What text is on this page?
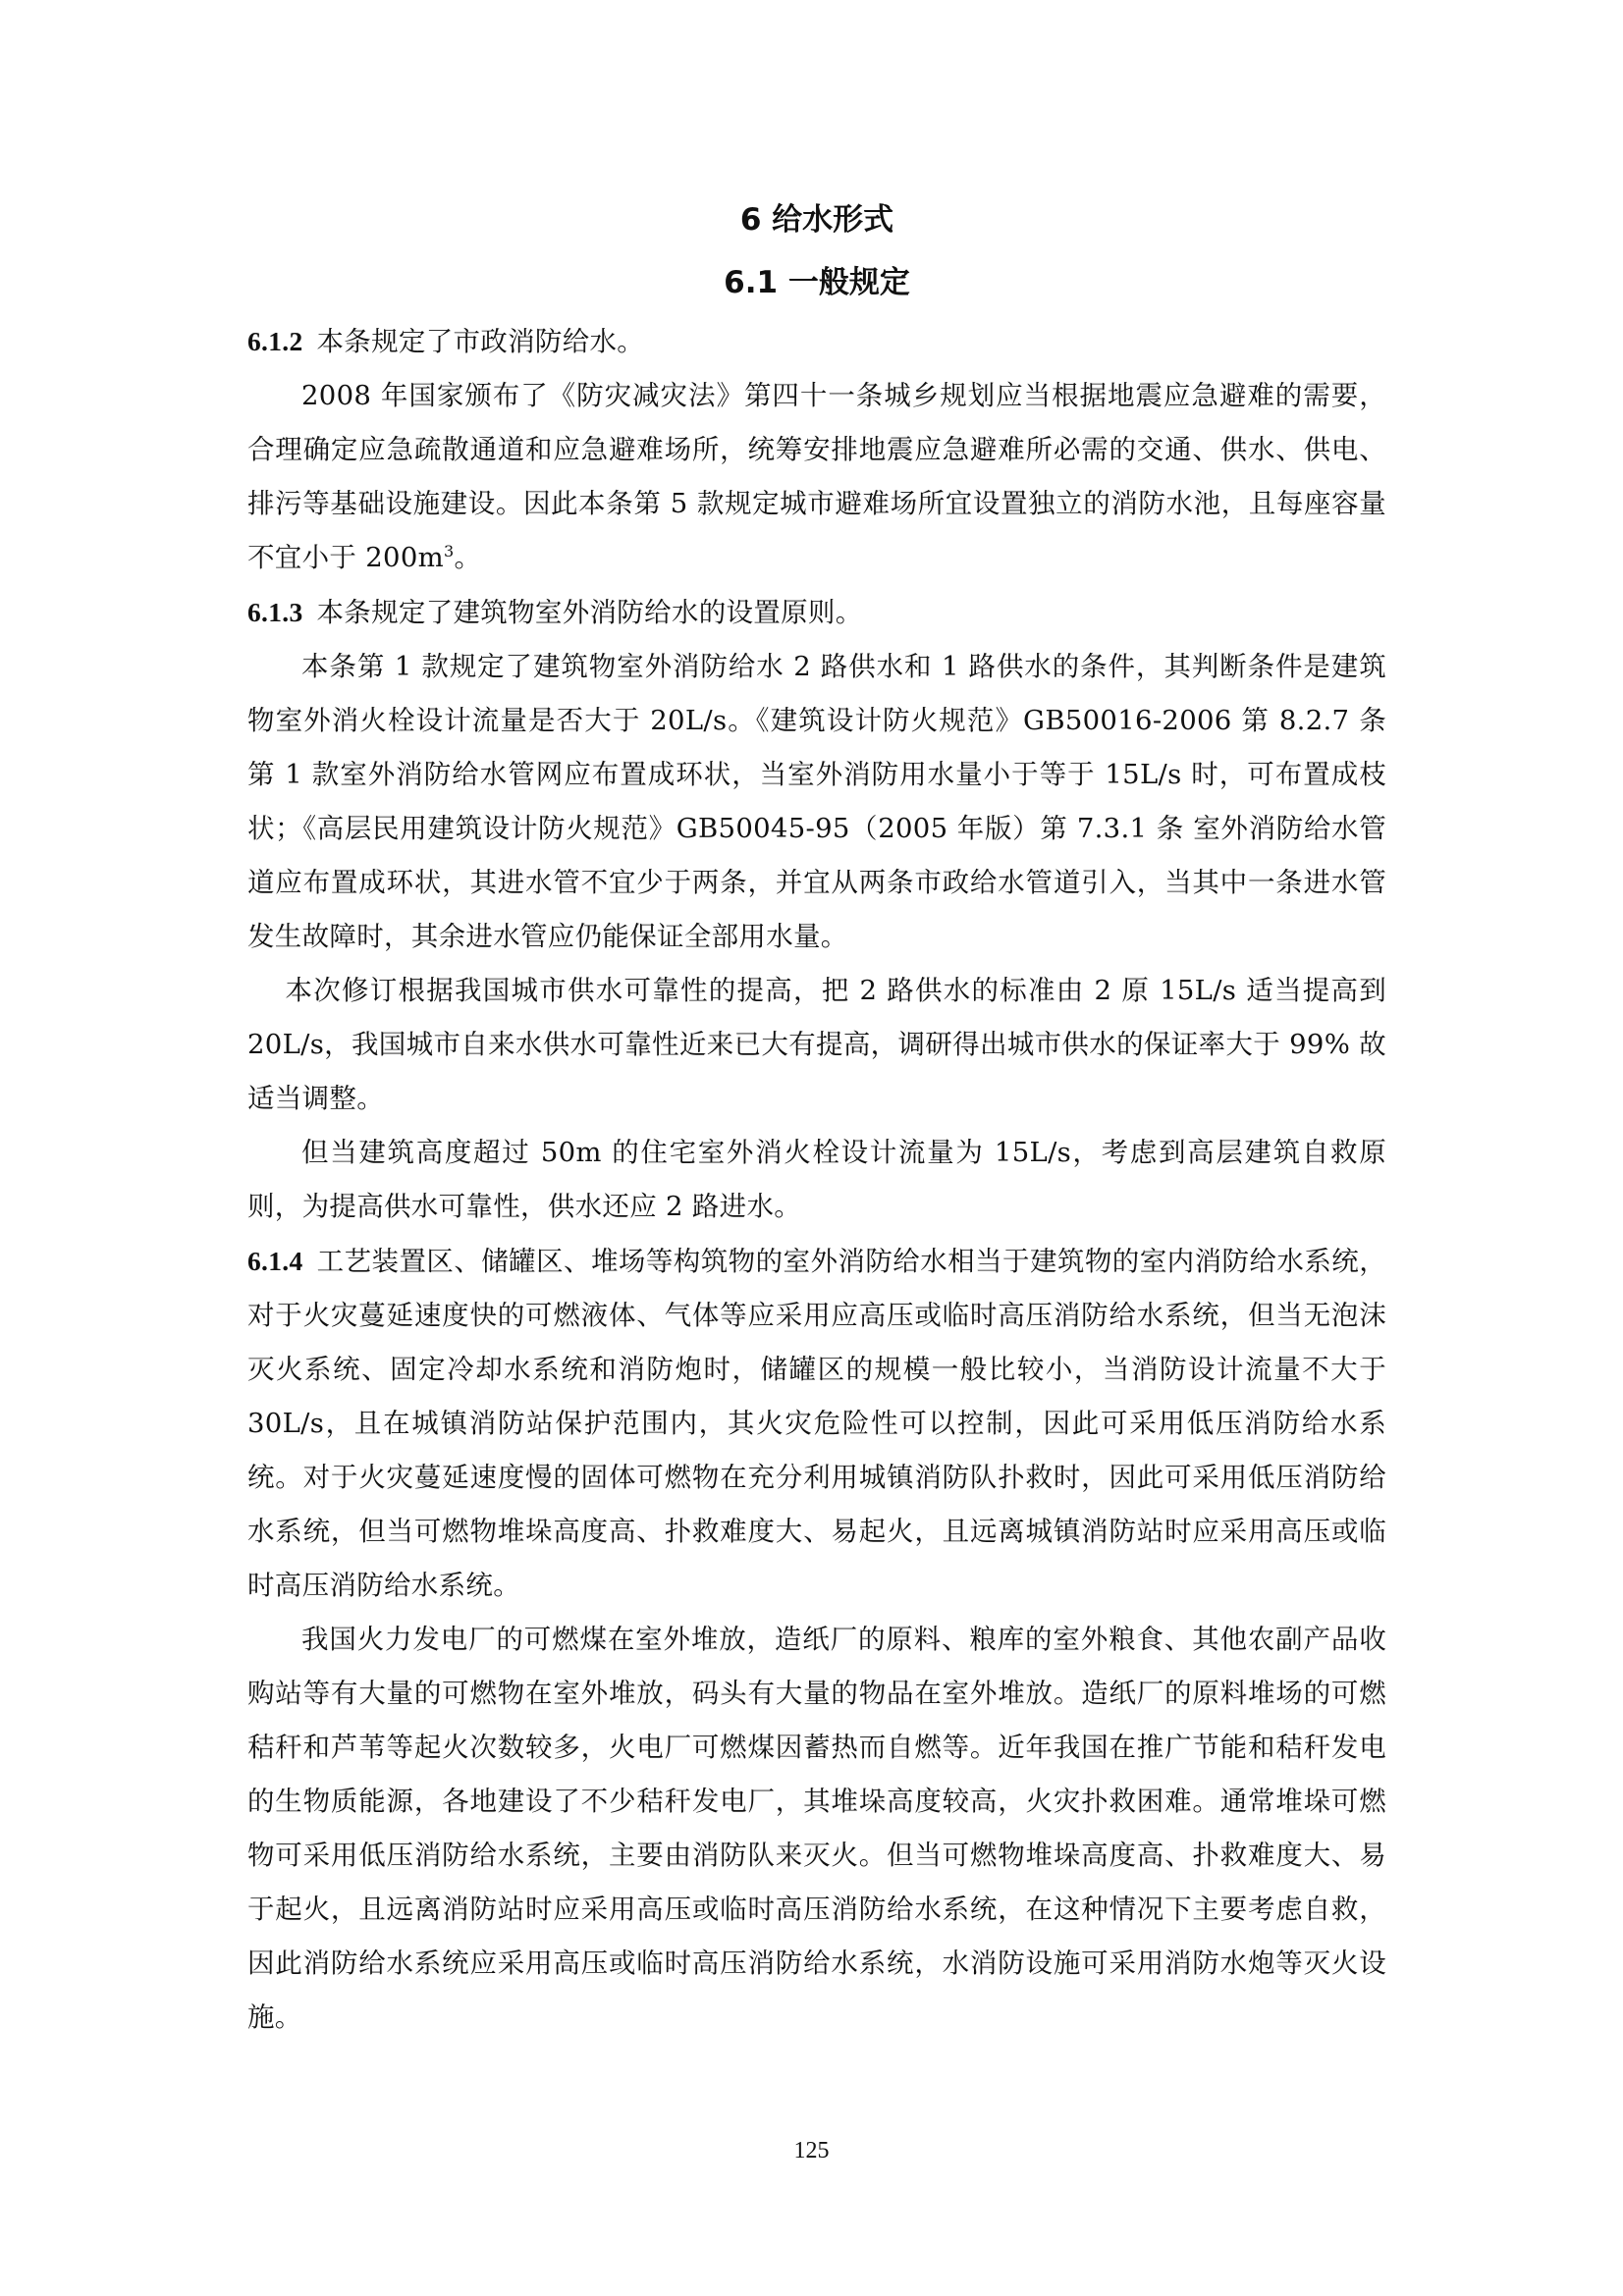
6 给水形式
6.1 一般规定

6.1.2 本条规定了市政消防给水。

2008 年国家颁布了《防灾减灾法》第四十一条城乡规划应当根据地震应急避难的需要，合理确定应急疏散通道和应急避难场所，统筹安排地震应急避难所必需的交通、供水、供电、排污等基础设施建设。因此本条第 5 款规定城市避难场所宜设置独立的消防水池，且每座容量不宜小于 $200m^3$。

6.1.3 本条规定了建筑物室外消防给水的设置原则。

本条第 1 款规定了建筑物室外消防给水 2 路供水和 1 路供水的条件，其判断条件是建筑物室外消火栓设计流量是否大于 20L/s。《建筑设计防火规范》GB50016-2006 第 8.2.7 条第 1 款室外消防给水管网应布置成环状，当室外消防用水量小于等于 15L/s 时，可布置成枝状；《高层民用建筑设计防火规范》GB50045-95（2005 年版）第 7.3.1 条 室外消防给水管道应布置成环状，其进水管不宜少于两条，并宜从两条市政给水管道引入，当其中一条进水管发生故障时，其余进水管应仍能保证全部用水量。

本次修订根据我国城市供水可靠性的提高，把 2 路供水的标准由 2 原 15L/s 适当提高到 20L/s，我国城市自来水供水可靠性近来已大有提高，调研得出城市供水的保证率大于 99% 故适当调整。

但当建筑高度超过 50m 的住宅室外消火栓设计流量为 15L/s，考虑到高层建筑自救原则，为提高供水可靠性，供水还应 2 路进水。

6.1.4 工艺装置区、储罐区、堆场等构筑物的室外消防给水相当于建筑物的室内消防给水系统，对于火灾蔓延速度快的可燃液体、气体等应采用应高压或临时高压消防给水系统，但当无泡沫灭火系统、固定冷却水系统和消防炮时，储罐区的规模一般比较小，当消防设计流量不大于 30L/s，且在城镇消防站保护范围内，其火灾危险性可以控制，因此可采用低压消防给水系统。对于火灾蔓延速度慢的固体可燃物在充分利用城镇消防队扑救时，因此可采用低压消防给水系统，但当可燃物堆垛高度高、扑救难度大、易起火，且远离城镇消防站时应采用高压或临时高压消防给水系统。

我国火力发电厂的可燃煤在室外堆放，造纸厂的原料、粮库的室外粮食、其他农副产品收购站等有大量的可燃物在室外堆放，码头有大量的物品在室外堆放。造纸厂的原料堆场的可燃秸秆和芦苇等起火次数较多，火电厂可燃煤因蓄热而自燃等。近年我国在推广节能和秸秆发电的生物质能源，各地建设了不少秸秆发电厂，其堆垛高度较高，火灾扑救困难。通常堆垛可燃物可采用低压消防给水系统，主要由消防队来灭火。但当可燃物堆垛高度高、扑救难度大、易于起火，且远离消防站时应采用高压或临时高压消防给水系统，在这种情况下主要考虑自救，因此消防给水系统应采用高压或临时高压消防给水系统，水消防设施可采用消防水炮等灭火设施。

125
